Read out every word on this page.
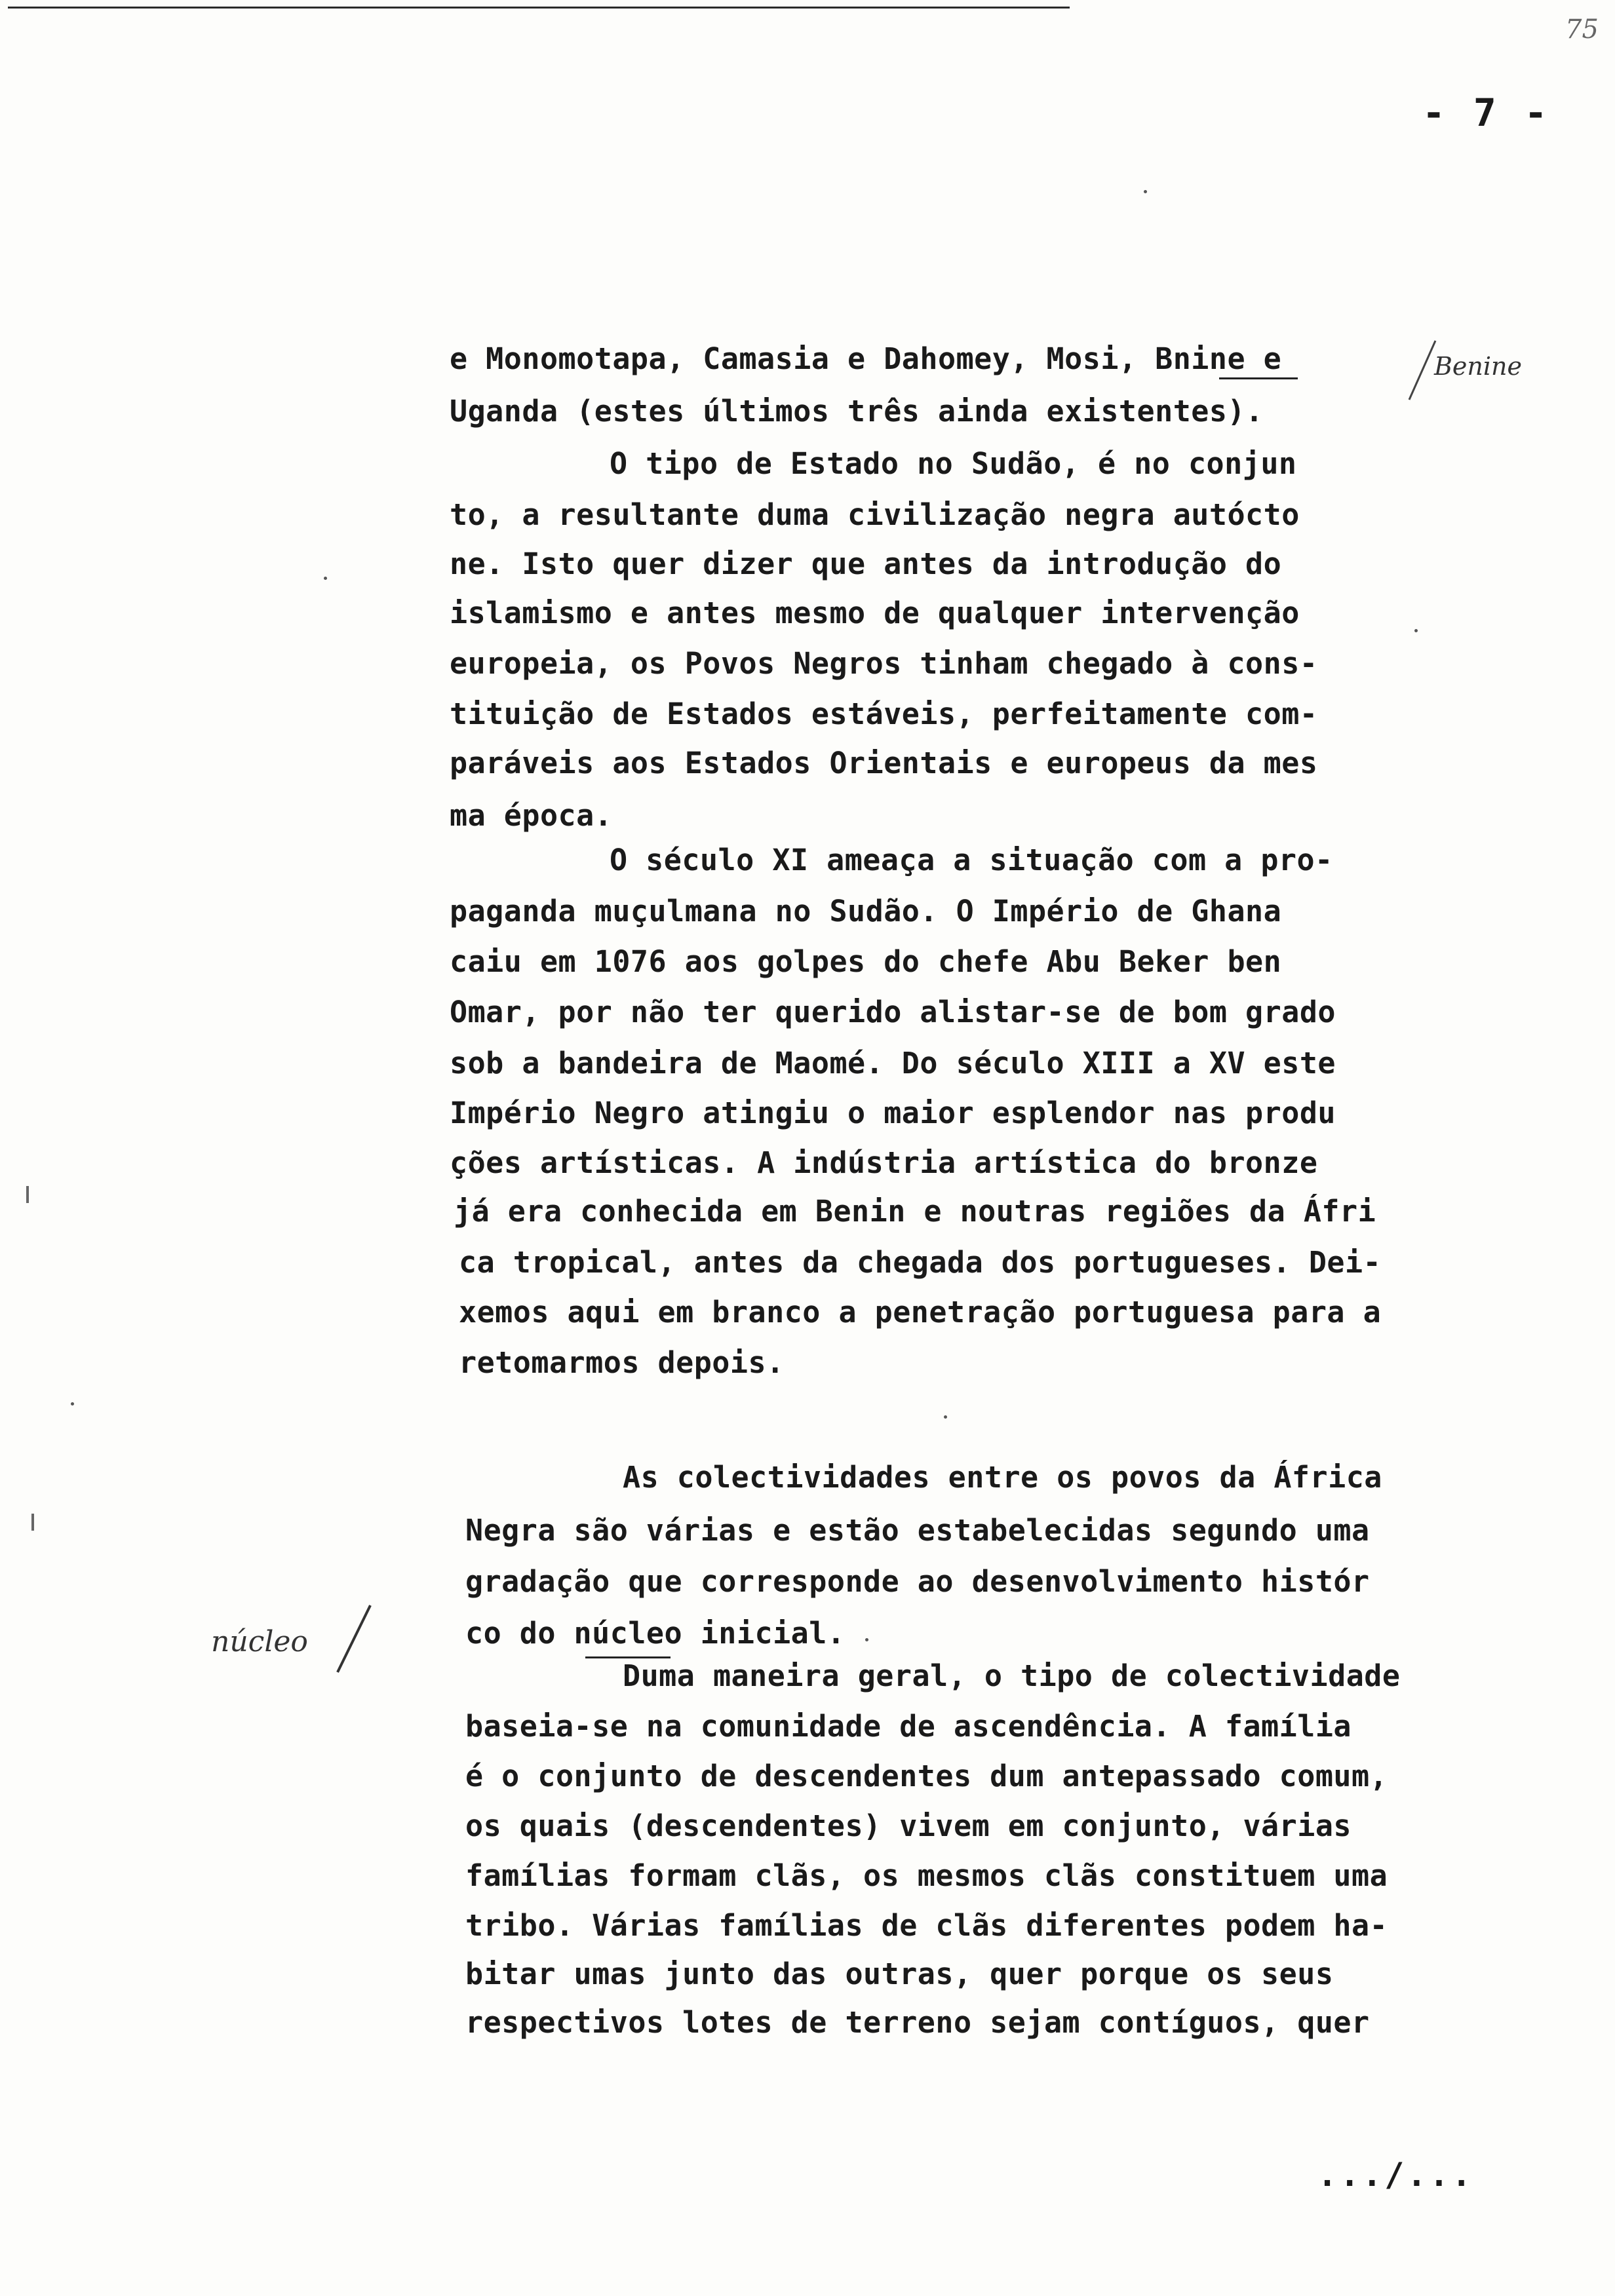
75
- 7 -
e Monomotapa, Camasia e Dahomey, Mosi, Bnine e
Uganda (estes últimos três ainda existentes).
O tipo de Estado no Sudão, é no conjun
to, a resultante duma civilização negra autócto
ne. Isto quer dizer que antes da introdução do
islamismo e antes mesmo de qualquer intervenção
europeia, os Povos Negros tinham chegado à cons-
tituição de Estados estáveis, perfeitamente com-
paráveis aos Estados Orientais e europeus da mes
ma época.
O século XI ameaça a situação com a pro-
paganda muçulmana no Sudão. O Império de Ghana
caiu em 1076 aos golpes do chefe Abu Beker ben
Omar, por não ter querido alistar-se de bom grado
sob a bandeira de Maomé. Do século XIII a XV este
Império Negro atingiu o maior esplendor nas produ
ções artísticas. A indústria artística do bronze
já era conhecida em Benin e noutras regiões da Áfri
ca tropical, antes da chegada dos portugueses. Dei-
xemos aqui em branco a penetração portuguesa para a
retomarmos depois.
As colectividades entre os povos da África
Negra são várias e estão estabelecidas segundo uma
gradação que corresponde ao desenvolvimento histór
co do núcleo inicial.
Duma maneira geral, o tipo de colectividade
baseia-se na comunidade de ascendência. A família
é o conjunto de descendentes dum antepassado comum,
os quais (descendentes) vivem em conjunto, várias
famílias formam clãs, os mesmos clãs constituem uma
tribo. Várias famílias de clãs diferentes podem ha-
bitar umas junto das outras, quer porque os seus
respectivos lotes de terreno sejam contíguos, quer
Benine
núcleo
.../...
